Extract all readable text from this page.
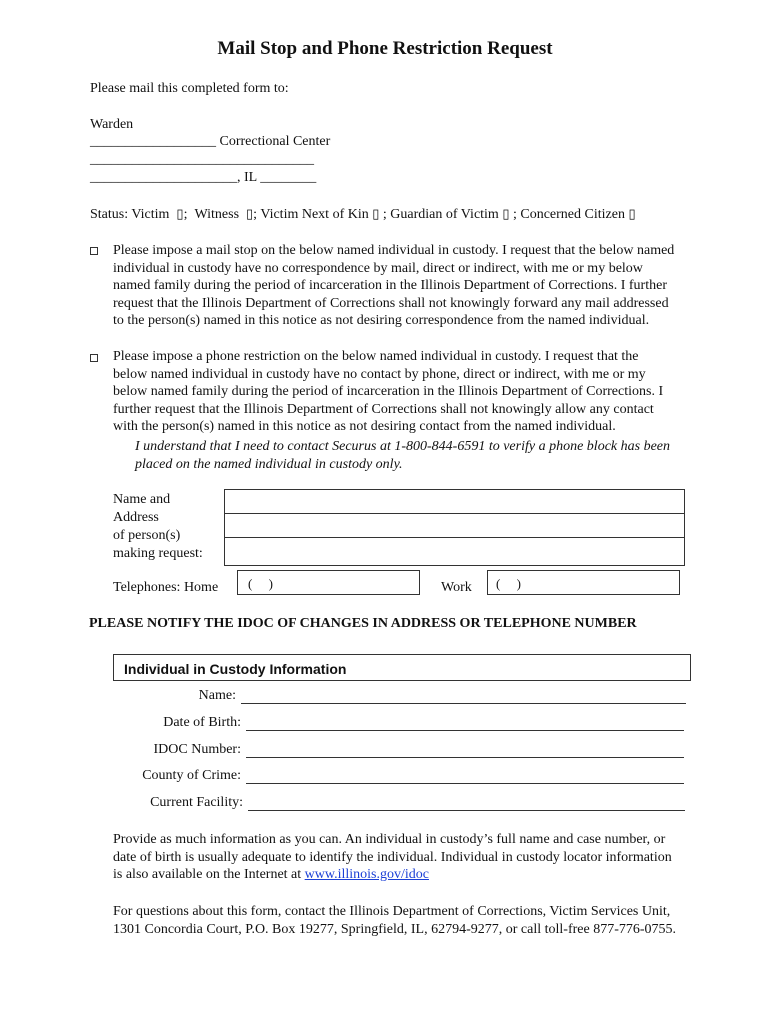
Mail Stop and Phone Restriction Request
Please mail this completed form to:
Warden
__________________ Correctional Center
________________________________
_____________________, IL ________
Status: Victim ▯; Witness ▯; Victim Next of Kin ▯ ; Guardian of Victim ▯ ; Concerned Citizen ▯
Please impose a mail stop on the below named individual in custody. I request that the below named
individual in custody have no correspondence by mail, direct or indirect, with me or my below
named family during the period of incarceration in the Illinois Department of Corrections. I further
request that the Illinois Department of Corrections shall not knowingly forward any mail addressed
to the person(s) named in this notice as not desiring correspondence from the named individual.
Please impose a phone restriction on the below named individual in custody. I request that the
below named individual in custody have no contact by phone, direct or indirect, with me or my
below named family during the period of incarceration in the Illinois Department of Corrections. I
further request that the Illinois Department of Corrections shall not knowingly allow any contact
with the person(s) named in this notice as not desiring contact from the named individual.
I understand that I need to contact Securus at 1-800-844-6591 to verify a phone block has been
placed on the named individual in custody only.
Name and
Address
of person(s)
making request:
Telephones: Home (     )	Work (     )
PLEASE NOTIFY THE IDOC OF CHANGES IN ADDRESS OR TELEPHONE NUMBER
Individual in Custody Information
Name:
Date of Birth:
IDOC Number:
County of Crime:
Current Facility:
Provide as much information as you can. An individual in custody’s full name and case number, or
date of birth is usually adequate to identify the individual. Individual in custody locator information
is also available on the Internet at www.illinois.gov/idoc
For questions about this form, contact the Illinois Department of Corrections, Victim Services Unit,
1301 Concordia Court, P.O. Box 19277, Springfield, IL, 62794-9277, or call toll-free 877-776-0755.
